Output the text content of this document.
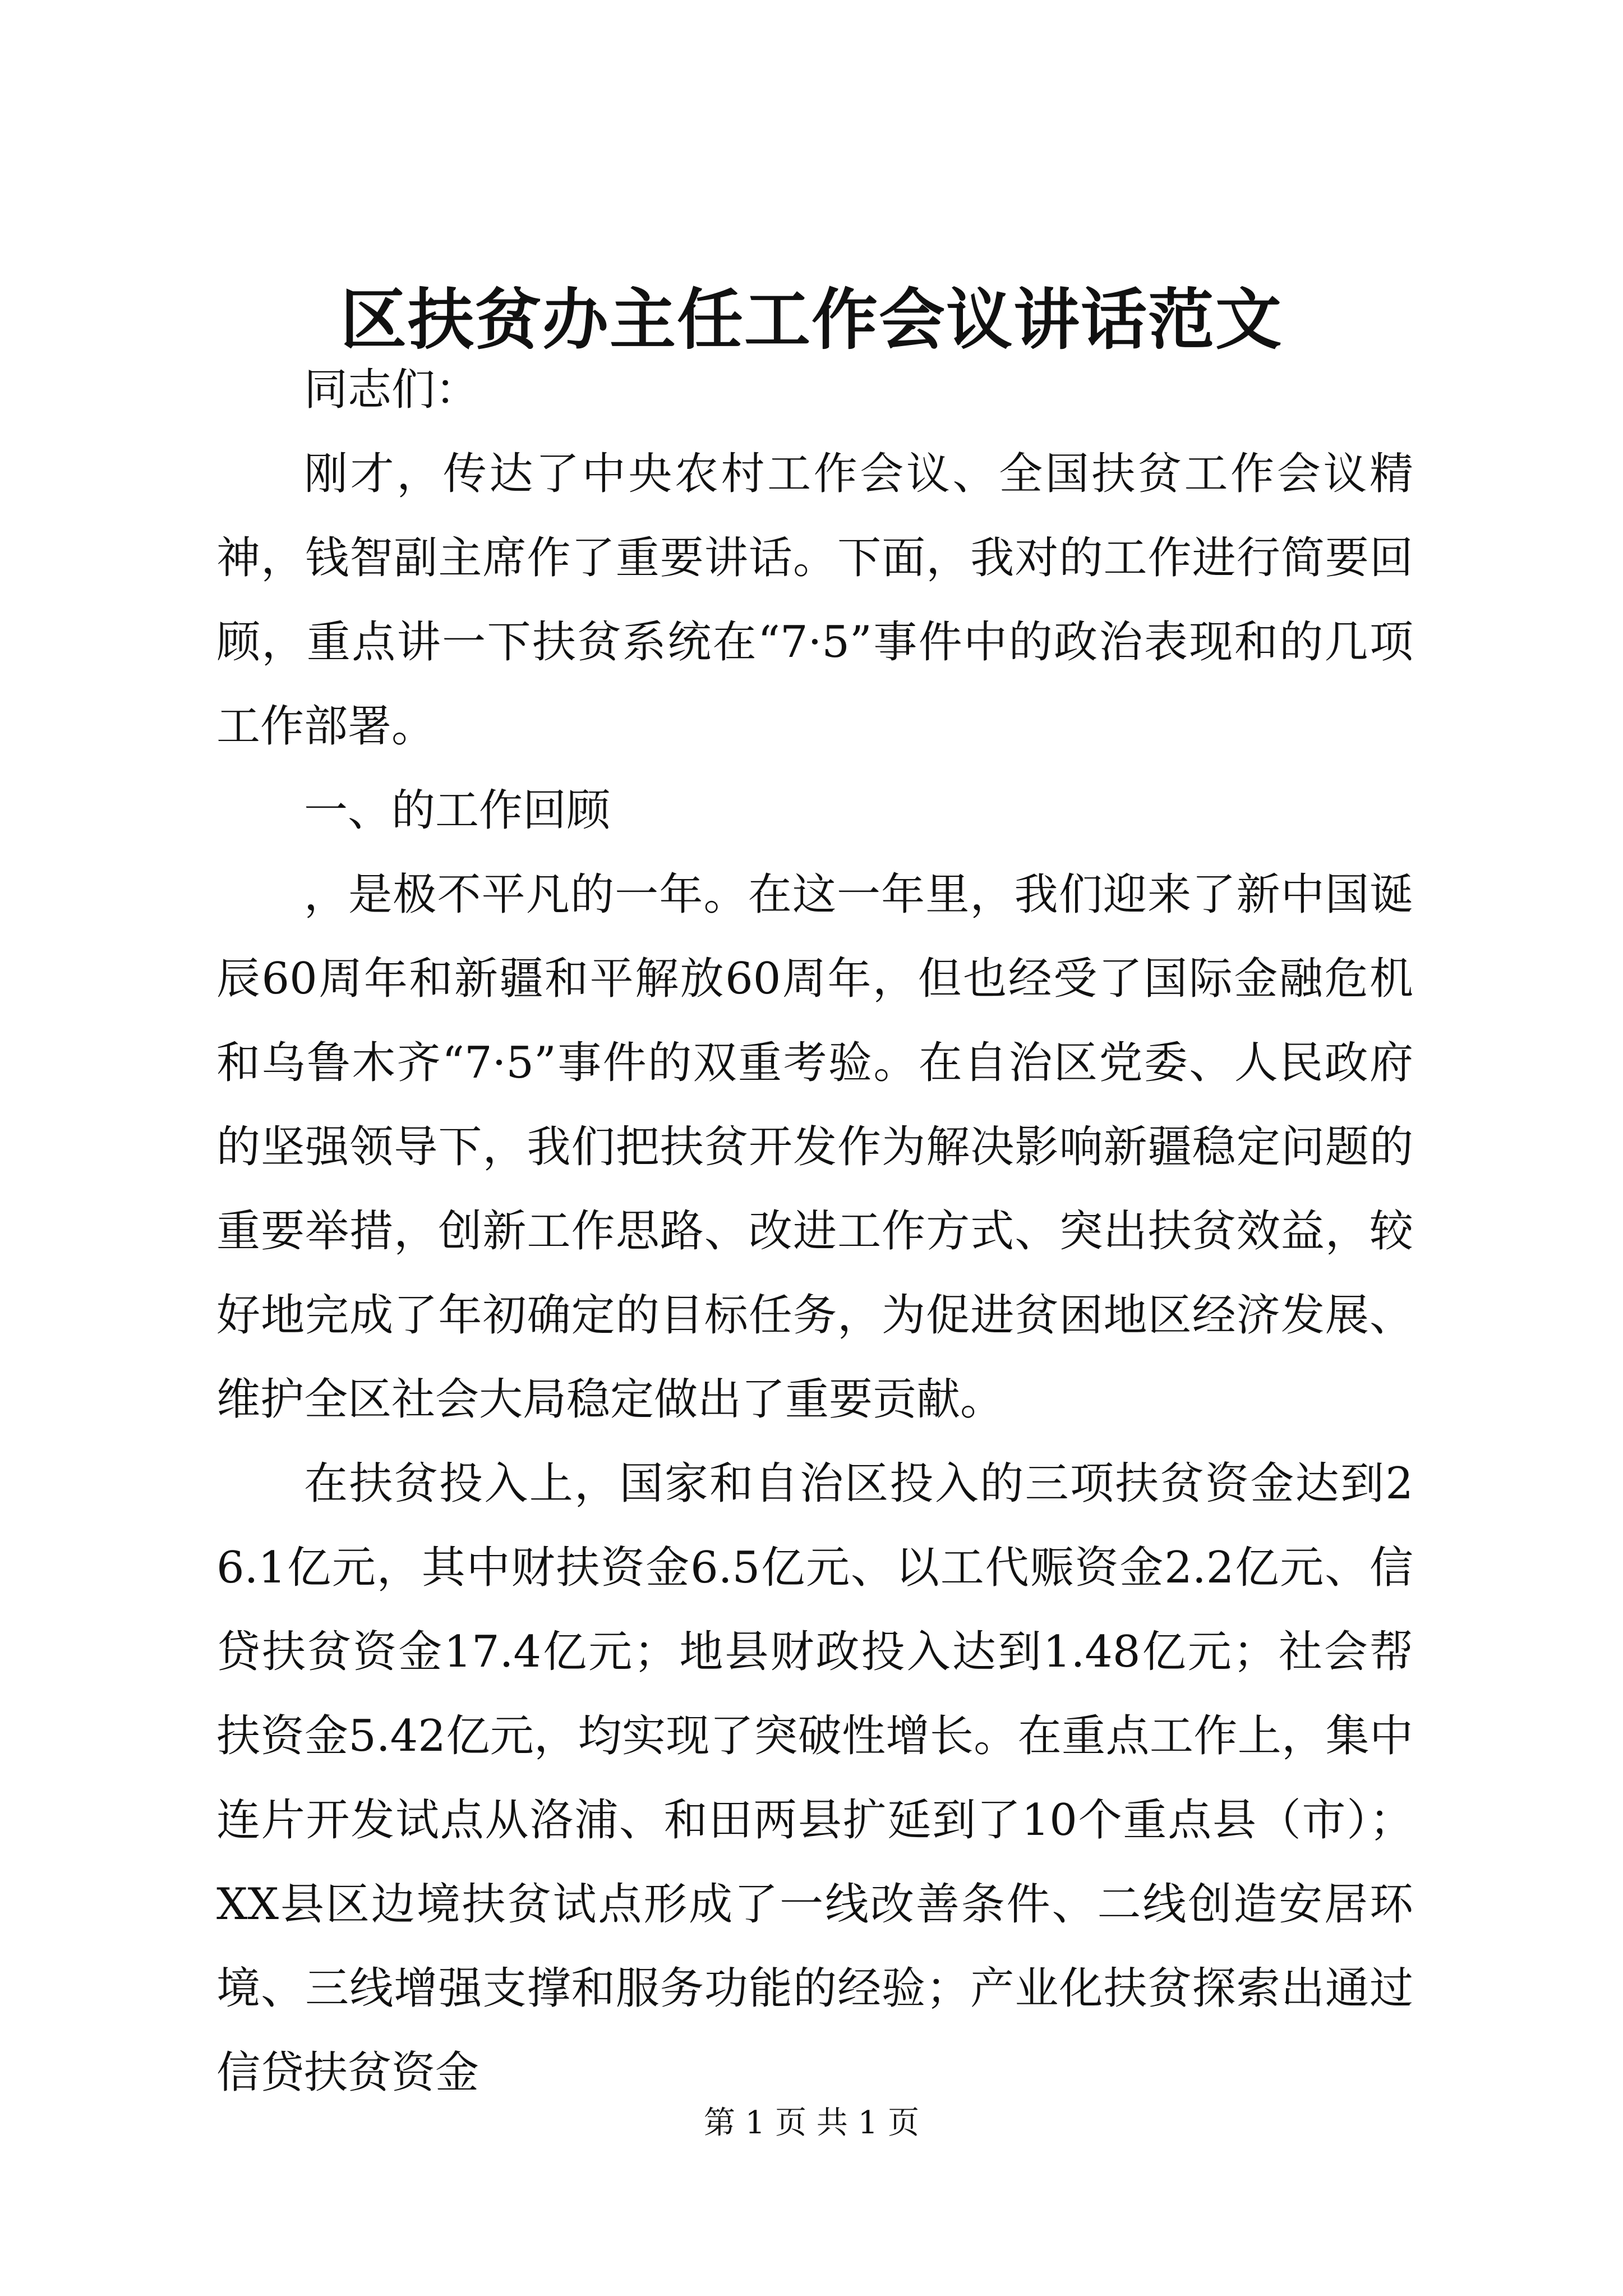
区扶贫办主任工作会议讲话范文

同志们：

刚才，传达了中央农村工作会议、全国扶贫工作会议精神，钱智副主席作了重要讲话。下面，我对的工作进行简要回顾，重点讲一下扶贫系统在“7·5”事件中的政治表现和的几项工作部署。

一、的工作回顾

，是极不平凡的一年。在这一年里，我们迎来了新中国诞辰60周年和新疆和平解放60周年，但也经受了国际金融危机和乌鲁木齐“7·5”事件的双重考验。在自治区党委、人民政府的坚强领导下，我们把扶贫开发作为解决影响新疆稳定问题的重要举措，创新工作思路、改进工作方式、突出扶贫效益，较好地完成了年初确定的目标任务，为促进贫困地区经济发展、维护全区社会大局稳定做出了重要贡献。

在扶贫投入上，国家和自治区投入的三项扶贫资金达到26.1亿元，其中财扶资金6.5亿元、以工代赈资金2.2亿元、信贷扶贫资金17.4亿元；地县财政投入达到1.48亿元；社会帮扶资金5.42亿元，均实现了突破性增长。在重点工作上，集中连片开发试点从洛浦、和田两县扩延到了10个重点县（市）；XX县区边境扶贫试点形成了一线改善条件、二线创造安居环境、三线增强支撑和服务功能的经验；产业化扶贫探索出通过信贷扶贫资金

第 1 页 共 1 页
